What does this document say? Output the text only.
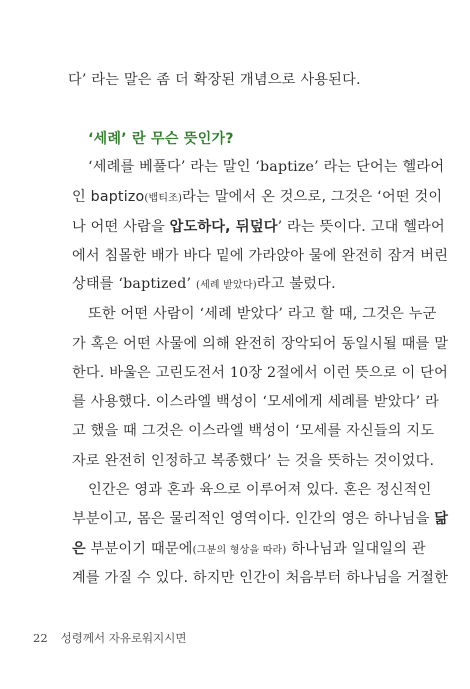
다’ 라는 말은 좀 더 확장된 개념으로 사용된다.
‘세례’ 란 무슨 뜻인가?
‘세례를 베풀다’ 라는 말인 ‘baptize’ 라는 단어는 헬라어
인 baptizo(뱁티조)라는 말에서 온 것으로, 그것은 ‘어떤 것이
나 어떤 사람을 압도하다, 뒤덮다’ 라는 뜻이다. 고대 헬라어
에서 침몰한 배가 바다 밑에 가라앉아 물에 완전히 잠겨 버린
상태를 ‘baptized’ (세례 받았다)라고 불렀다.
또한 어떤 사람이 ‘세례 받았다’ 라고 할 때, 그것은 누군
가 혹은 어떤 사물에 의해 완전히 장악되어 동일시될 때를 말
한다. 바울은 고린도전서 10장 2절에서 이런 뜻으로 이 단어
를 사용했다. 이스라엘 백성이 ‘모세에게 세례를 받았다’ 라
고 했을 때 그것은 이스라엘 백성이 ‘모세를 자신들의 지도
자로 완전히 인정하고 복종했다’ 는 것을 뜻하는 것이었다.
인간은 영과 혼과 육으로 이루어져 있다. 혼은 정신적인
부분이고, 몸은 물리적인 영역이다. 인간의 영은 하나님을 닮
은 부분이기 때문에(그분의 형상을 따라) 하나님과 일대일의 관
계를 가질 수 있다. 하지만 인간이 처음부터 하나님을 거절한
22 성령께서 자유로워지시면
